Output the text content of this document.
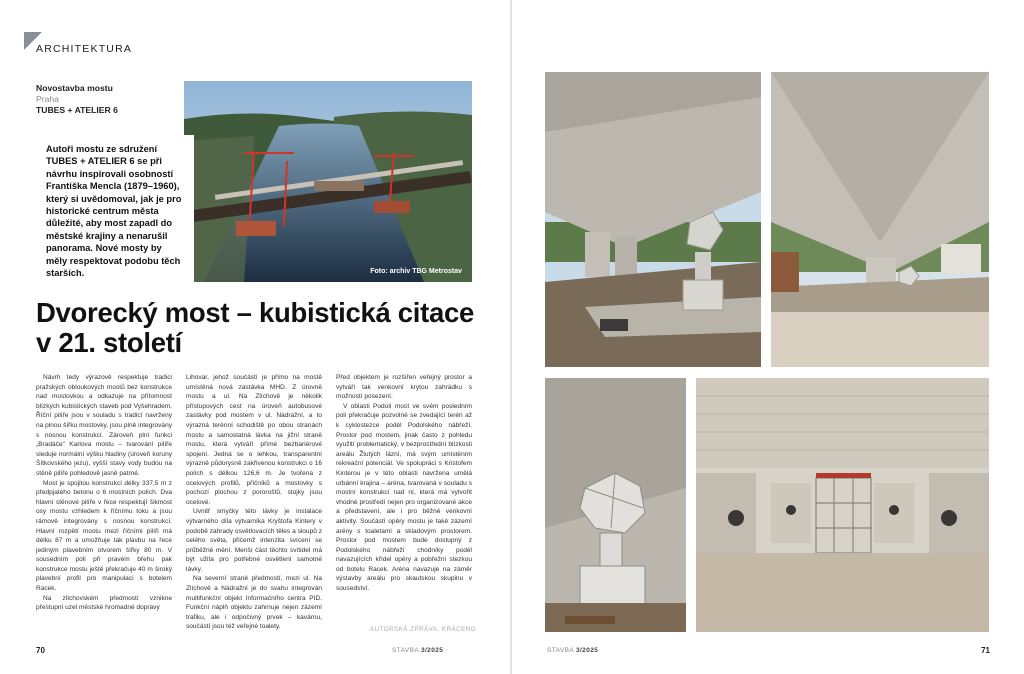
ARCHITEKTURA
Novostavba mostu
Praha
TUBES + ATELIER 6
Foto: archiv TBG Metrostav
Autoři mostu ze sdružení TUBES + ATELIER 6 se při návrhu inspirovali osobností Františka Mencla (1879–1960), který si uvědomoval, jak je pro historické centrum města důležité, aby most zapadl do městské krajiny a nenarušil panorama. Nové mosty by měly respektovat podobu těch starších.
Dvorecký most – kubistická citace v 21. století

Návrh tedy výrazově respektuje tradici pražských obloukových mostů bez konstrukce nad mostovkou a odkazuje na přítomnost blízkých kubistických staveb pod Vyšehradem. Říční pilíře jsou v souladu s tradicí navrženy na plnou šířku mostovky, jsou plně integrovány s nosnou konstrukcí. Zároveň plní funkci „Bradáče“ Karlova mostu – tvarování pilíře sleduje normální výšku hladiny (úroveň koruny Šítkovského jezu), vyšší stavy vody budou na stěně pilíře pohledově jasně patrné.

Most je spojitou konstrukcí délky 337,5 m z předpjatého betonu o 6 mostních polích. Dva hlavní stěnové pilíře v řece respektují šikmost osy mostu vzhledem k říčnímu toku a jsou rámově integrovány s nosnou konstrukcí. Hlavní rozpětí mostu mezi říčními pilíři má délku 87 m a umožňuje tak plavbu na řece jediným plavebním otvorem šířky 80 m. V sousedním poli při pravém břehu pak konstrukce mostu ještě překračuje 40 m široký plavební profil pro manipulaci s botelem Racek.

Na zlíchovském předmostí vznikne přestupní uzel městské hromadné dopravy

Lihovar, jehož součástí je přímo na mostě umístěná nová zastávka MHD. Z úrovně mostu a ul. Na Zlíchově je několik přístupových cest na úroveň autobusové zastávky pod mostem v ul. Nádražní, a to výrazná terénní schodiště po obou stranách mostu a samostatná lávka na jižní straně mostu, která vytváří přímé bezbariérové spojení. Jedná se o lehkou, transparentní výrazně půdorysně zakřivenou konstrukci o 16 polích s délkou 126,6 m. Je tvořena z ocelových profilů, příčníků a mostovky s pochozí plochou z pororoštů, stojky jsou ocelové.

Uvnitř smyčky této lávky je instalace výtvarného díla výtvarníka Kryštofa Kintery v podobě zahrady osvětlovacích těles a sloupů z celého světa, přičemž intenzita svícení se průběžně mění. Menší část těchto svítidel má být užita pro potřebné osvětlení samotné lávky.

Na severní straně předmostí, mezi ul. Na Zlíchově a Nádražní je do svahu integrován multifunkční objekt Informačního centra PID. Funkční náplň objektu zahrnuje nejen zázemí trafiku, ale i odpočivný prvek – kavárnu, součástí jsou též veřejné toalety.

Před objektem je rozšířen veřejný prostor a vytváří tak venkovní krytou zahrádku s možností posezení.

V oblasti Podolí most ve svém posledním poli překračuje pozvolné se zvedající terén až k cyklostezce podél Podolského nábřeží. Prostor pod mostem, jinak často z pohledu využití problematický, v bezprostřední blízkosti areálu Žlutých lázní, má svým umístěním rekreační potenciál. Ve spolupráci s Kristofem Kinterou je v této oblasti navržena umělá urbánní krajina – aréna, tvarovaná v souladu s mostní konstrukcí nad ní, která má vytvořit vhodné prostředí nejen pro organizované akce a představení, ale i pro běžné venkovní aktivity. Součástí opěry mostu je také zázemí arény s toaletami a skladovým prostorem. Prostor pod mostem bude dostupný z Podolského nábřeží chodníky podél navazujících křídel opěry a pobřežní stezkou od botelu Racek. Aréna navazuje na záměr výstavby areálu pro skautskou skupinu v sousedství.

AUTORSKÁ ZPRÁVA, KRÁCENO
70	STAVBA 3/2025	STAVBA 3/2025	71
